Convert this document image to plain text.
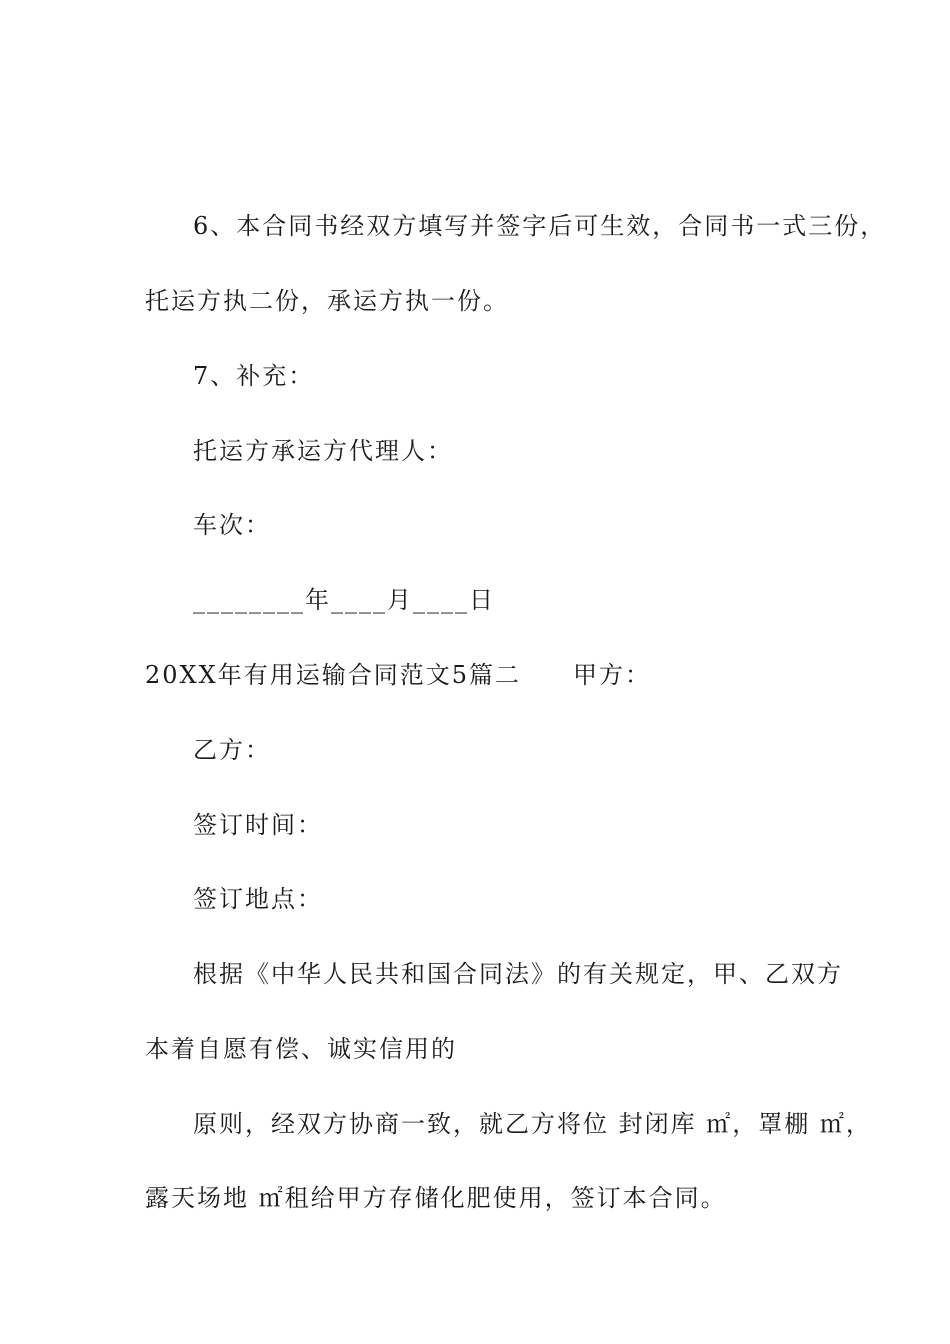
6、本合同书经双方填写并签字后可生效，合同书一式三份，

托运方执二份，承运方执一份。

7、补充：

托运方承运方代理人：

车次：

________年____月____日

20XX年有用运输合同范文5篇二　　甲方：

乙方：

签订时间：

签订地点：

根据《中华人民共和国合同法》的有关规定，甲、乙双方

本着自愿有偿、诚实信用的

原则，经双方协商一致，就乙方将位 封闭库 ㎡，罩棚 ㎡，

露天场地 ㎡租给甲方存储化肥使用，签订本合同。
